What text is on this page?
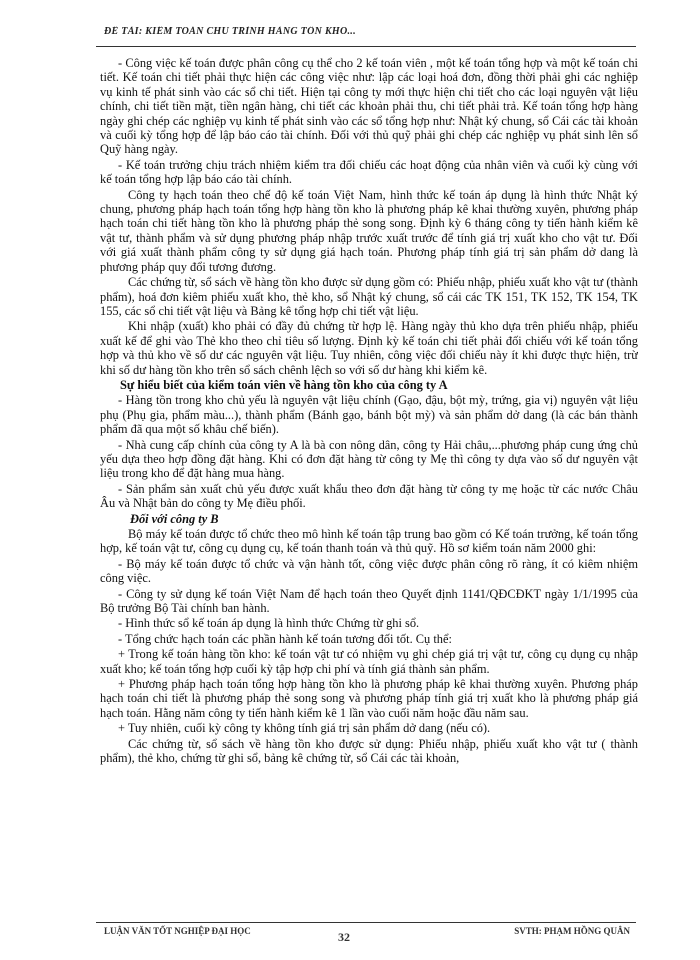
ĐỀ TÀI: KIỂM TOÁN CHU TRÌNH HÀNG TỒN KHO...

- Công việc kế toán được phân công cụ thể cho 2 kế toán viên , một kế toán tổng hợp và một kế toán chi tiết. Kế toán chi tiết phải thực hiện các công việc như: lập các loại hoá đơn, đồng thời phải ghi các nghiệp vụ kinh tế phát sinh vào các sổ chi tiết. Hiện tại công ty mới thực hiện chi tiết cho các loại nguyên vật liệu chính, chi tiết tiền mặt, tiền ngân hàng, chi tiết các khoản phải thu, chi tiết phải trả. Kế toán tổng hợp hàng ngày ghi chép các nghiệp vụ kinh tế phát sinh vào các sổ tổng hợp như: Nhật ký chung, sổ Cái các tài khoản và cuối kỳ tổng hợp để lập báo cáo tài chính. Đối với thủ quỹ phải ghi chép các nghiệp vụ phát sinh lên sổ Quỹ hàng ngày.

- Kế toán trưởng chịu trách nhiệm kiểm tra đối chiếu các hoạt động của nhân viên và cuối kỳ cùng với kế toán tổng hợp lập báo cáo tài chính.

Công ty hạch toán theo chế độ kế toán Việt Nam, hình thức kế toán áp dụng là hình thức Nhật ký chung, phương pháp hạch toán tổng hợp hàng tồn kho là phương pháp kê khai thường xuyên, phương pháp hạch toán chi tiết hàng tồn kho là phương pháp thẻ song song. Định kỳ 6 tháng công ty tiến hành kiểm kê vật tư, thành phẩm và sử dụng phương pháp nhập trước xuất trước để tính giá trị xuất kho cho vật tư. Đối với giá xuất thành phẩm công ty sử dụng giá hạch toán. Phương pháp tính giá trị sản phẩm dở dang là phương pháp quy đổi tương đương.

Các chứng từ, sổ sách về hàng tồn kho được sử dụng gồm có: Phiếu nhập, phiếu xuất kho vật tư (thành phẩm), hoá đơn kiêm phiếu xuất kho, thẻ kho, sổ Nhật ký chung, sổ cái các TK 151, TK 152, TK 154, TK 155, các sổ chi tiết vật liệu và Bảng kê tổng hợp chi tiết vật liệu.

Khi nhập (xuất) kho phải có đầy đủ chứng từ hợp lệ. Hàng ngày thủ kho dựa trên phiếu nhập, phiếu xuất kế để ghi vào Thẻ kho theo chỉ tiêu số lượng. Định kỳ kế toán chi tiết phải đối chiếu với kế toán tổng hợp và thủ kho về số dư các nguyên vật liệu. Tuy nhiên, công việc đối chiếu này ít khi được thực hiện, trừ khi số dư hàng tồn kho trên sổ sách chênh lệch so với số dư hàng khi kiểm kê.

Sự hiểu biết của kiểm toán viên về hàng tồn kho của công ty A

- Hàng tồn trong kho chủ yếu là nguyên vật liệu chính (Gạo, đậu, bột mỳ, trứng, gia vị) nguyên vật liệu phụ (Phụ gia, phẩm màu...), thành phẩm (Bánh gạo, bánh bột mỳ) và sản phẩm dở dang (là các bán thành phẩm đã qua một số khâu chế biến).

- Nhà cung cấp chính của công ty A là bà con nông dân, công ty Hải châu,...phương pháp cung ứng chủ yếu dựa theo hợp đồng đặt hàng. Khi có đơn đặt hàng từ công ty Mẹ thì công ty dựa vào số dư nguyên vật liệu trong kho để đặt hàng mua hàng.

- Sản phẩm sản xuất chủ yếu được xuất khẩu theo đơn đặt hàng từ công ty mẹ hoặc từ các nước Châu Âu và Nhật bản do công ty Mẹ điều phối.

Đối với công ty B

Bộ máy kế toán được tổ chức theo mô hình kế toán tập trung bao gồm có Kế toán trưởng, kế toán tổng hợp, kế toán vật tư, công cụ dụng cụ, kế toán thanh toán và thủ quỹ. Hồ sơ kiểm toán năm 2000 ghi:

- Bộ máy kế toán được tổ chức và vận hành tốt, công việc được phân công rõ ràng, ít có kiêm nhiệm công việc.

- Công ty sử dụng kế toán Việt Nam để hạch toán theo Quyết định 1141/QĐCĐKT ngày 1/1/1995 của Bộ trưởng Bộ Tài chính ban hành.

- Hình thức sổ kế toán áp dụng là hình thức Chứng từ ghi sổ.

- Tổng chức hạch toán các phần hành kế toán tương đối tốt. Cụ thể:

+ Trong kế toán hàng tồn kho: kế toán vật tư có nhiệm vụ ghi chép giá trị vật tư, công cụ dụng cụ nhập xuất kho; kế toán tổng hợp cuối kỳ tập hợp chi phí và tính giá thành sản phẩm.

+ Phương pháp hạch toán tổng hợp hàng tồn kho là phương pháp kê khai thường xuyên. Phương pháp hạch toán chi tiết là phương pháp thẻ song song và phương pháp tính giá trị xuất kho là phương pháp giá hạch toán. Hằng năm công ty tiến hành kiểm kê 1 lần vào cuối năm hoặc đầu năm sau.

+ Tuy nhiên, cuối kỳ công ty không tính giá trị sản phẩm dở dang (nếu có).

Các chứng từ, sổ sách về hàng tồn kho được sử dụng: Phiếu nhập, phiếu xuất kho vật tư ( thành phẩm), thẻ kho, chứng từ ghi sổ, bảng kê chứng từ, sổ Cái các tài khoản,

LUẬN VĂN TỐT NGHIỆP ĐẠI HỌC	32	SVTH: PHẠM HỒNG QUÂN
